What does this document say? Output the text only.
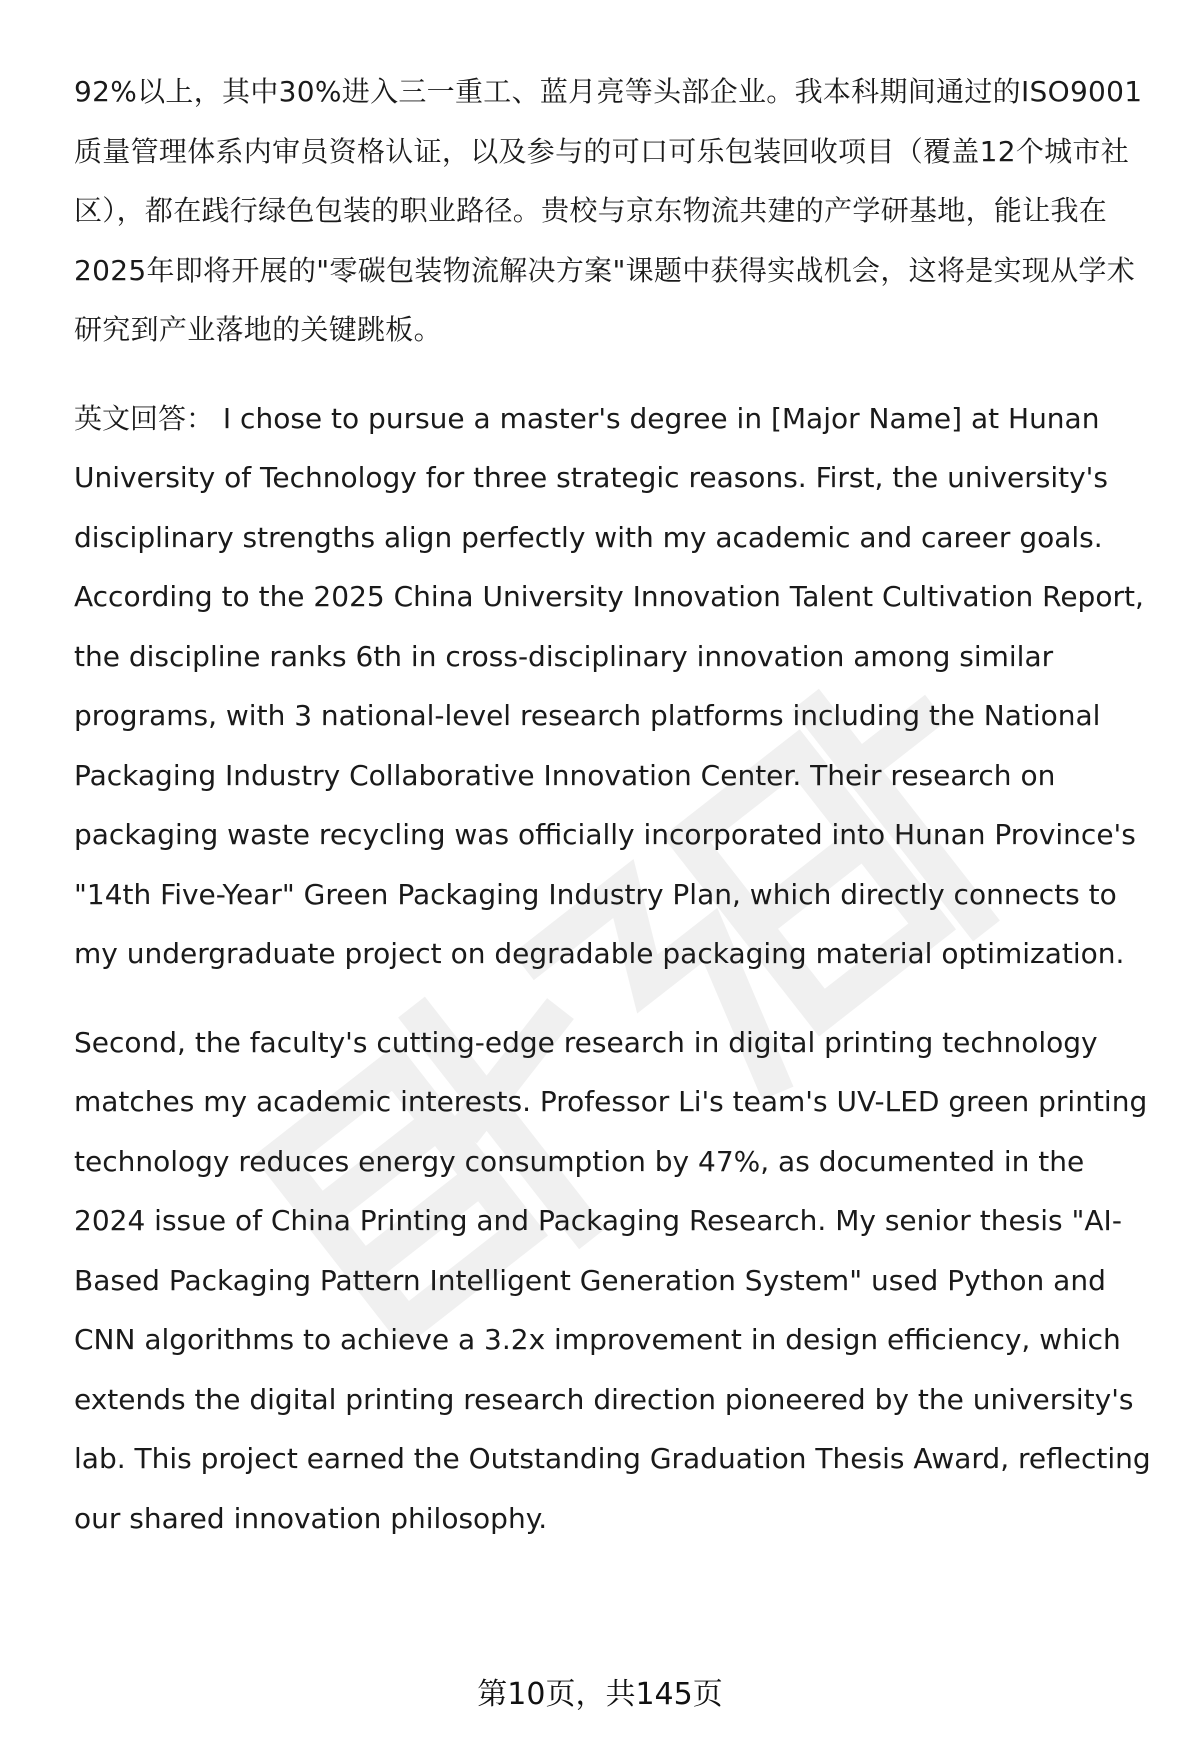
92%以上，其中30%进入三一重工、蓝月亮等头部企业。我本科期间通过的ISO9001质量管理体系内审员资格认证，以及参与的可口可乐包装回收项目（覆盖12个城市社区），都在践行绿色包装的职业路径。贵校与京东物流共建的产学研基地，能让我在2025年即将开展的"零碳包装物流解决方案"课题中获得实战机会，这将是实现从学术研究到产业落地的关键跳板。

英文回答： I chose to pursue a master's degree in [Major Name] at Hunan University of Technology for three strategic reasons. First, the university's disciplinary strengths align perfectly with my academic and career goals. According to the 2025 China University Innovation Talent Cultivation Report, the discipline ranks 6th in cross-disciplinary innovation among similar programs, with 3 national-level research platforms including the National Packaging Industry Collaborative Innovation Center. Their research on packaging waste recycling was officially incorporated into Hunan Province's "14th Five-Year" Green Packaging Industry Plan, which directly connects to my undergraduate project on degradable packaging material optimization.

Second, the faculty's cutting-edge research in digital printing technology matches my academic interests. Professor Li's team's UV-LED green printing technology reduces energy consumption by 47%, as documented in the 2024 issue of China Printing and Packaging Research. My senior thesis "AI-Based Packaging Pattern Intelligent Generation System" used Python and CNN algorithms to achieve a 3.2x improvement in design efficiency, which extends the digital printing research direction pioneered by the university's lab. This project earned the Outstanding Graduation Thesis Award, reflecting our shared innovation philosophy.

第10页，共145页
